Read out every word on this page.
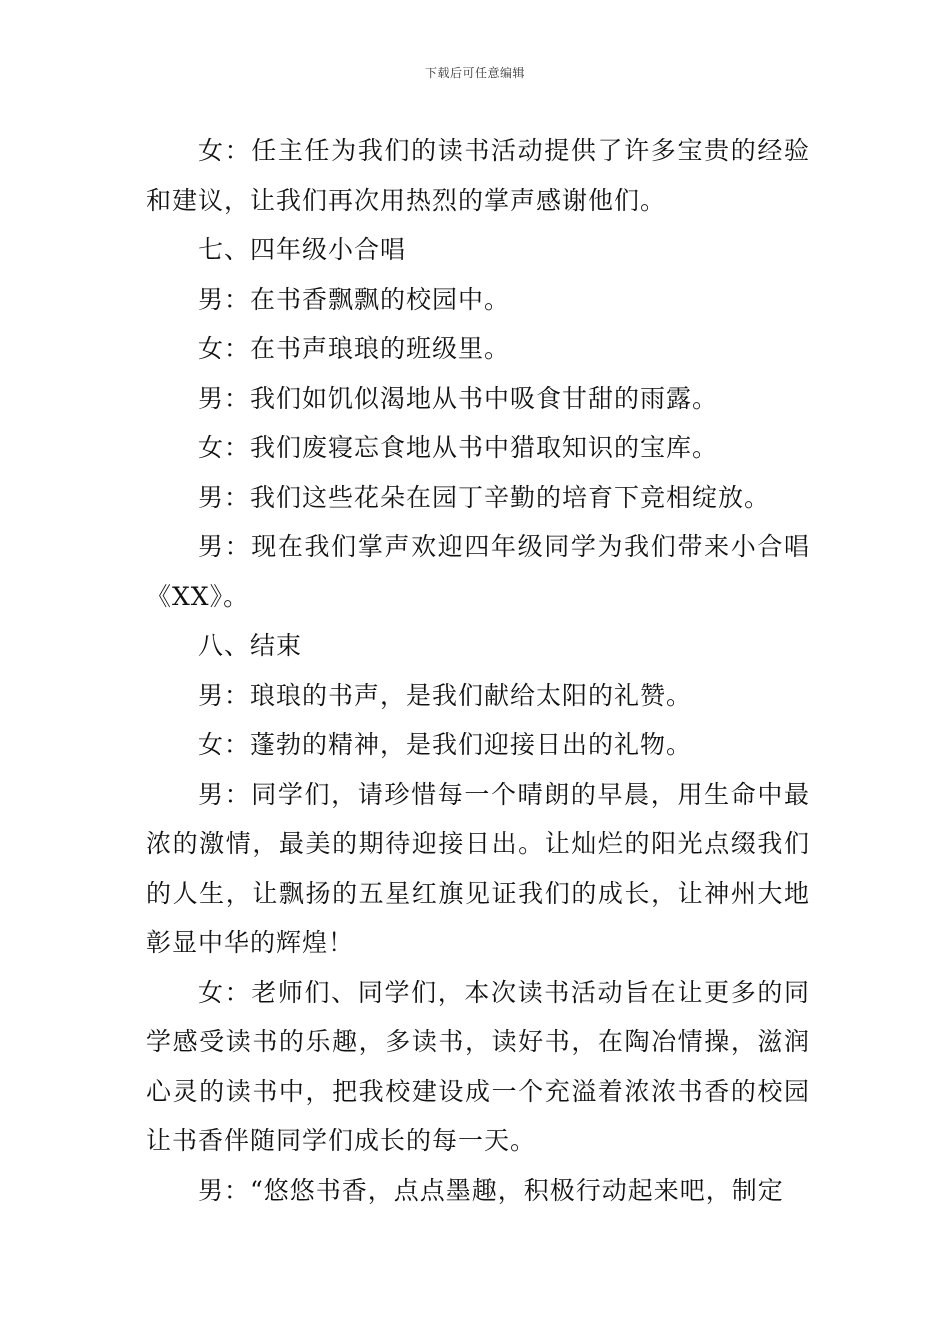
下载后可任意编辑

女：任主任为我们的读书活动提供了许多宝贵的经验和建议，让我们再次用热烈的掌声感谢他们。

七、四年级小合唱

男：在书香飘飘的校园中。

女：在书声琅琅的班级里。

男：我们如饥似渴地从书中吸食甘甜的雨露。

女：我们废寝忘食地从书中猎取知识的宝库。

男：我们这些花朵在园丁辛勤的培育下竞相绽放。

男：现在我们掌声欢迎四年级同学为我们带来小合唱《XX》。

八、结束

男：琅琅的书声，是我们献给太阳的礼赞。

女：蓬勃的精神，是我们迎接日出的礼物。

男：同学们，请珍惜每一个晴朗的早晨，用生命中最浓的激情，最美的期待迎接日出。让灿烂的阳光点缀我们的人生，让飘扬的五星红旗见证我们的成长，让神州大地彰显中华的辉煌！

女：老师们、同学们，本次读书活动旨在让更多的同学感受读书的乐趣，多读书，读好书，在陶冶情操，滋润心灵的读书中，把我校建设成一个充溢着浓浓书香的校园让书香伴随同学们成长的每一天。

男：“悠悠书香，点点墨趣，积极行动起来吧，制定
